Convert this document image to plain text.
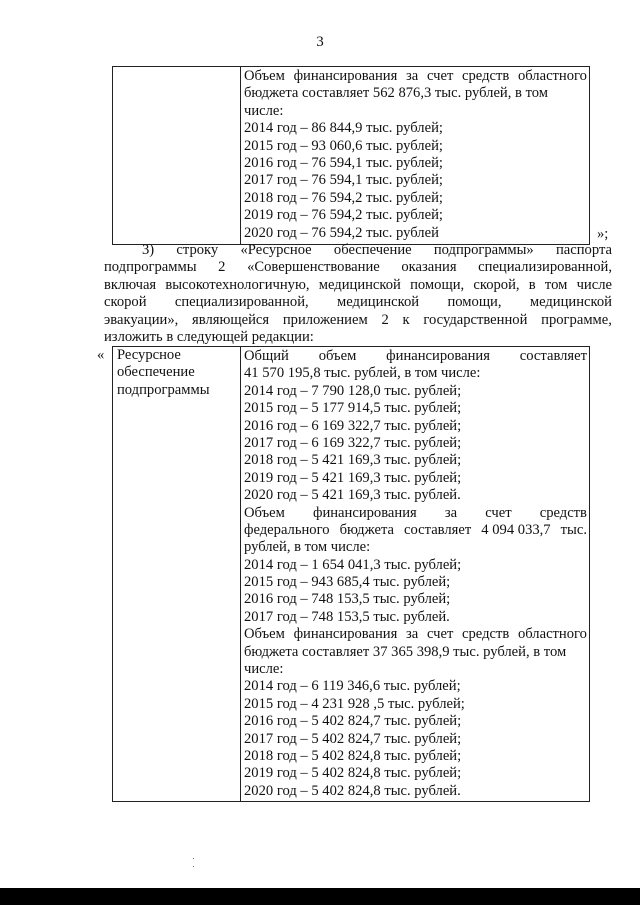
3

Объем финансирования за счет средств областного
бюджета составляет 562 876,3 тыс. рублей, в том
числе:
2014 год – 86 844,9 тыс. рублей;
2015 год – 93 060,6 тыс. рублей;
2016 год – 76 594,1 тыс. рублей;
2017 год – 76 594,1 тыс. рублей;
2018 год – 76 594,2 тыс. рублей;
2019 год – 76 594,2 тыс. рублей;
2020 год – 76 594,2 тыс. рублей	»;
3) строку «Ресурсное обеспечение подпрограммы» паспорта
подпрограммы 2 «Совершенствование оказания специализированной,
включая высокотехнологичную, медицинской помощи, скорой, в том числе
скорой специализированной, медицинской помощи, медицинской
эвакуации», являющейся приложением 2 к государственной программе,
изложить в следующей редакции:
« Ресурсное
обеспечение
подпрограммы

Общий объем финансирования составляет
41 570 195,8 тыс. рублей, в том числе:
2014 год – 7 790 128,0 тыс. рублей;
2015 год – 5 177 914,5 тыс. рублей;
2016 год – 6 169 322,7 тыс. рублей;
2017 год – 6 169 322,7 тыс. рублей;
2018 год – 5 421 169,3 тыс. рублей;
2019 год – 5 421 169,3 тыс. рублей;
2020 год – 5 421 169,3 тыс. рублей.
Объем финансирования за счет средств
федерального бюджета составляет 4 094 033,7 тыс.
рублей, в том числе:
2014 год – 1 654 041,3 тыс. рублей;
2015 год – 943 685,4 тыс. рублей;
2016 год – 748 153,5 тыс. рублей;
2017 год – 748 153,5 тыс. рублей.
Объем финансирования за счет средств областного
бюджета составляет 37 365 398,9 тыс. рублей, в том
числе:
2014 год – 6 119 346,6 тыс. рублей;
2015 год – 4 231 928 ,5 тыс. рублей;
2016 год – 5 402 824,7 тыс. рублей;
2017 год – 5 402 824,7 тыс. рублей;
2018 год – 5 402 824,8 тыс. рублей;
2019 год – 5 402 824,8 тыс. рублей;
2020 год – 5 402 824,8 тыс. рублей.
